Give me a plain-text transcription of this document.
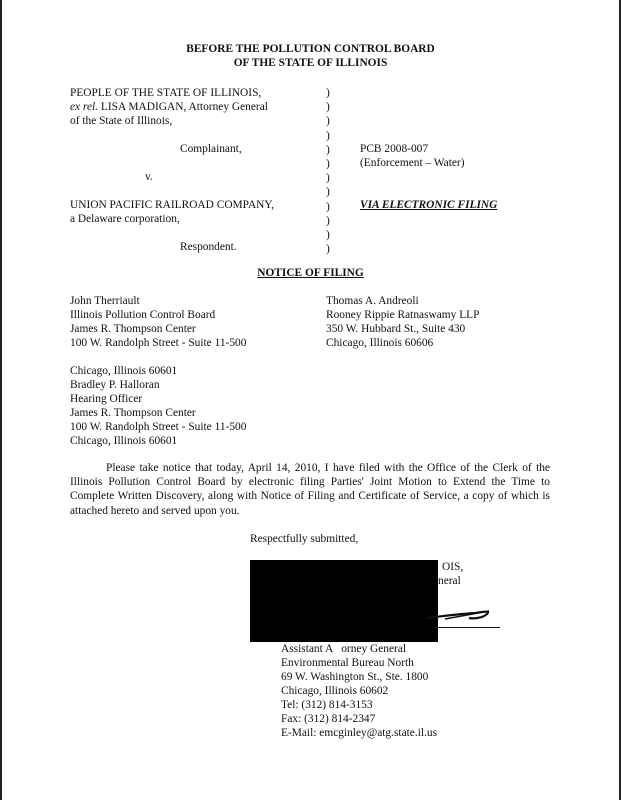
BEFORE THE POLLUTION CONTROL BOARD
OF THE STATE OF ILLINOIS
PEOPLE OF THE STATE OF ILLINOIS,
ex rel. LISA MADIGAN, Attorney General
of the State of Illinois,
Complainant,
v.
UNION PACIFIC RAILROAD COMPANY,
a Delaware corporation,
Respondent.
)
)
)
)
)
)
)
)
)
)
)
)
PCB 2008-007
(Enforcement – Water)
VIA ELECTRONIC FILING
NOTICE OF FILING
John Therriault
Illinois Pollution Control Board
James R. Thompson Center
100 W. Randolph Street - Suite 11-500
Thomas A. Andreoli
Rooney Rippie Ratnaswamy LLP
350 W. Hubbard St., Suite 430
Chicago, Illinois 60606
Chicago, Illinois 60601
Bradley P. Halloran
Hearing Officer
James R. Thompson Center
100 W. Randolph Street - Suite 11-500
Chicago, Illinois 60601
Please take notice that today, April 14, 2010, I have filed with the Office of the Clerk of the Illinois Pollution Control Board by electronic filing Parties' Joint Motion to Extend the Time to Complete Written Discovery, along with Notice of Filing and Certificate of Service, a copy of which is attached hereto and served upon you.
Respectfully submitted,
OIS,
neral
Assistant A orney General
Environmental Bureau North
69 W. Washington St., Ste. 1800
Chicago, Illinois 60602
Tel: (312) 814-3153
Fax: (312) 814-2347
E-Mail: emcginley@atg.state.il.us
